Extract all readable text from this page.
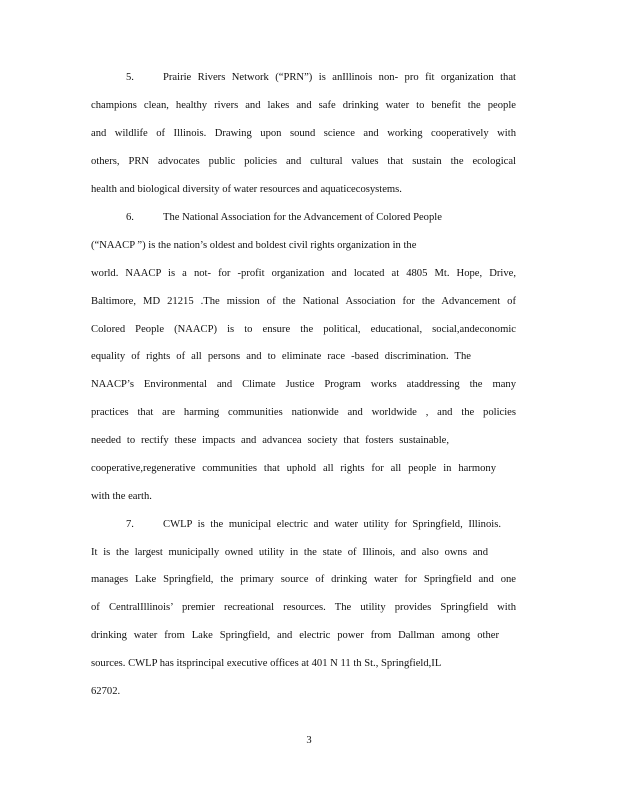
5.	Prairie Rivers Network (“PRN”) is anIllinois non- pro fit organization that
champions clean, healthy rivers and lakes and safe drinking water to benefit the people
and wildlife of Illinois. Drawing upon sound science and working cooperatively with
others, PRN advocates public policies and cultural values that sustain the ecological
health and biological diversity of water resources and aquaticecosystems.
6.	The National Association for the Advancement of Colored People
(“NAACP ”) is the nation’s oldest and boldest civil rights organization in the
world. NAACP is a not- for -profit organization and located at 4805 Mt. Hope, Drive,
Baltimore, MD 21215 .The mission of the National Association for the Advancement of
Colored People (NAACP) is to ensure the political, educational, social,andeconomic
equality of rights of all persons and to eliminate race -based discrimination. The
NAACP’s Environmental and Climate Justice Program works ataddressing the many
practices that are harming communities nationwide and worldwide , and the policies
needed to rectify these impacts and advancea society that fosters sustainable,
cooperative,regenerative communities that uphold all rights for all people in harmony
with the earth.
7.	CWLP is the municipal electric and water utility for Springfield, Illinois.
It is the largest municipally owned utility in the state of Illinois, and also owns and
manages Lake Springfield, the primary source of drinking water for Springfield and one
of CentralIllinois’ premier recreational resources. The utility provides Springfield with
drinking water from Lake Springfield, and electric power from Dallman among other
sources. CWLP has itsprincipal executive offices at 401 N 11 th St., Springfield,IL
62702.
3
